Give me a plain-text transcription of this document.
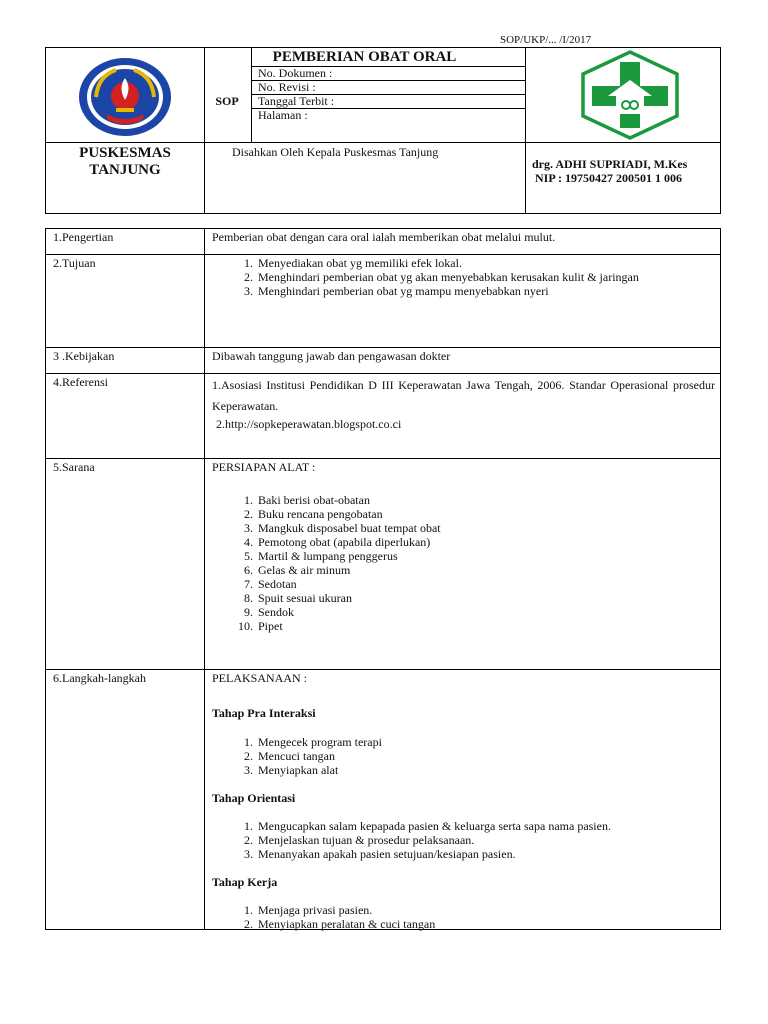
SOP/UKP/... /I/2017
PEMBERIAN OBAT ORAL
SOP
No. Dokumen :
No. Revisi :
Tanggal Terbit :
Halaman :
PUSKESMAS
TANJUNG
Disahkan Oleh Kepala Puskesmas Tanjung
drg. ADHI SUPRIADI, M.Kes
NIP : 19750427 200501 1 006
1.Pengertian	Pemberian obat dengan cara oral ialah memberikan obat melalui mulut.
2.Tujuan
1.	Menyediakan obat yg memiliki efek lokal.
2. Menghindari pemberian obat yg akan menyebabkan kerusakan kulit & jaringan
3. Menghindari pemberian obat yg mampu menyebabkan nyeri
3 .Kebijakan	Dibawah tanggung jawab dan pengawasan dokter
4.Referensi	1.Asosiasi Institusi Pendidikan D III Keperawatan Jawa Tengah, 2006. Standar Operasional prosedur Keperawatan.
2.http://sopkeperawatan.blogspot.co.ci
5.Sarana	PERSIAPAN ALAT :
1. Baki berisi obat-obatan
2. Buku rencana pengobatan
3. Mangkuk disposabel buat tempat obat
4. Pemotong obat (apabila diperlukan)
5. Martil & lumpang penggerus
6. Gelas & air minum
7. Sedotan
8. Spuit sesuai ukuran
9. Sendok
10. Pipet
6.Langkah-langkah	PELAKSANAAN :
Tahap Pra Interaksi
1. Mengecek program terapi
2. Mencuci tangan
3. Menyiapkan alat
Tahap Orientasi
1. Mengucapkan salam kepapada pasien & keluarga serta sapa nama pasien.
2. Menjelaskan tujuan & prosedur pelaksanaan.
3. Menanyakan apakah pasien setujuan/kesiapan pasien.
Tahap Kerja
1. Menjaga privasi pasien.
2. Menyiapkan peralatan & cuci tangan
